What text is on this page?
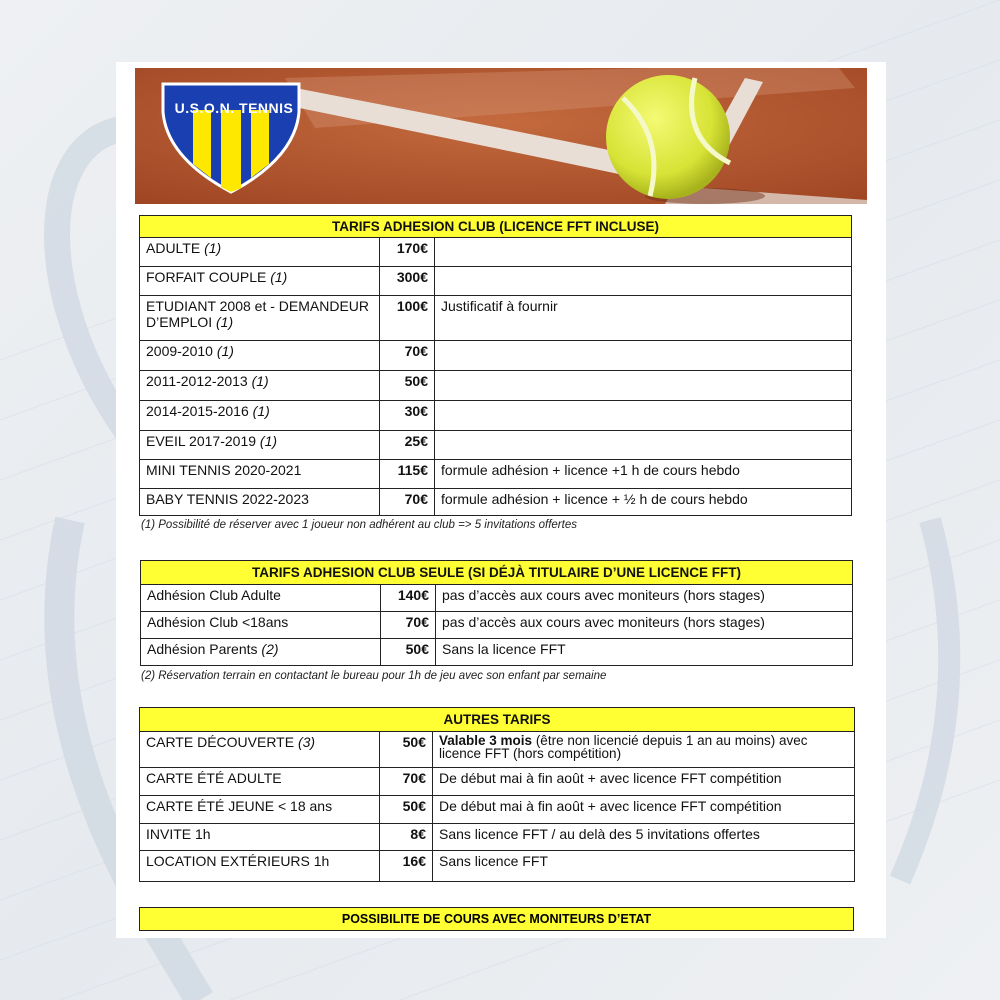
U.S.O.N. TENNIS
TARIFS ADHESION CLUB (LICENCE FFT INCLUSE)		
ADULTE (1)	170€	
FORFAIT COUPLE (1)	300€	
ETUDIANT 2008 et - DEMANDEUR D’EMPLOI (1)	100€	Justificatif à fournir
2009-2010 (1)	70€	
2011-2012-2013 (1)	50€	
2014-2015-2016 (1)	30€	
EVEIL 2017-2019 (1)	25€	
MINI TENNIS 2020-2021	115€	formule adhésion + licence +1 h de cours hebdo
BABY TENNIS 2022-2023	70€	formule adhésion + licence + ½ h de cours hebdo
(1) Possibilité de réserver avec 1 joueur non adhérent au club => 5 invitations offertes
TARIFS ADHESION CLUB SEULE (SI DÉJÀ TITULAIRE D’UNE LICENCE FFT)		
Adhésion Club Adulte	140€	pas d’accès aux cours avec moniteurs (hors stages)
Adhésion Club <18ans	70€	pas d’accès aux cours avec moniteurs (hors stages)
Adhésion Parents (2)	50€	Sans la licence FFT
(2) Réservation terrain en contactant le bureau pour 1h de jeu avec son enfant par semaine
AUTRES TARIFS		
CARTE DÉCOUVERTE (3)	50€	Valable 3 mois (être non licencié depuis 1 an au moins) avec licence FFT (hors compétition)
CARTE ÉTÉ ADULTE	70€	De début mai à fin août + avec licence FFT compétition
CARTE ÉTÉ JEUNE < 18 ans	50€	De début mai à fin août + avec licence FFT compétition
INVITE 1h	8€	Sans licence FFT / au delà des 5 invitations offertes
LOCATION EXTÉRIEURS 1h	16€	Sans licence FFT
POSSIBILITE DE COURS AVEC MONITEURS D’ETAT
